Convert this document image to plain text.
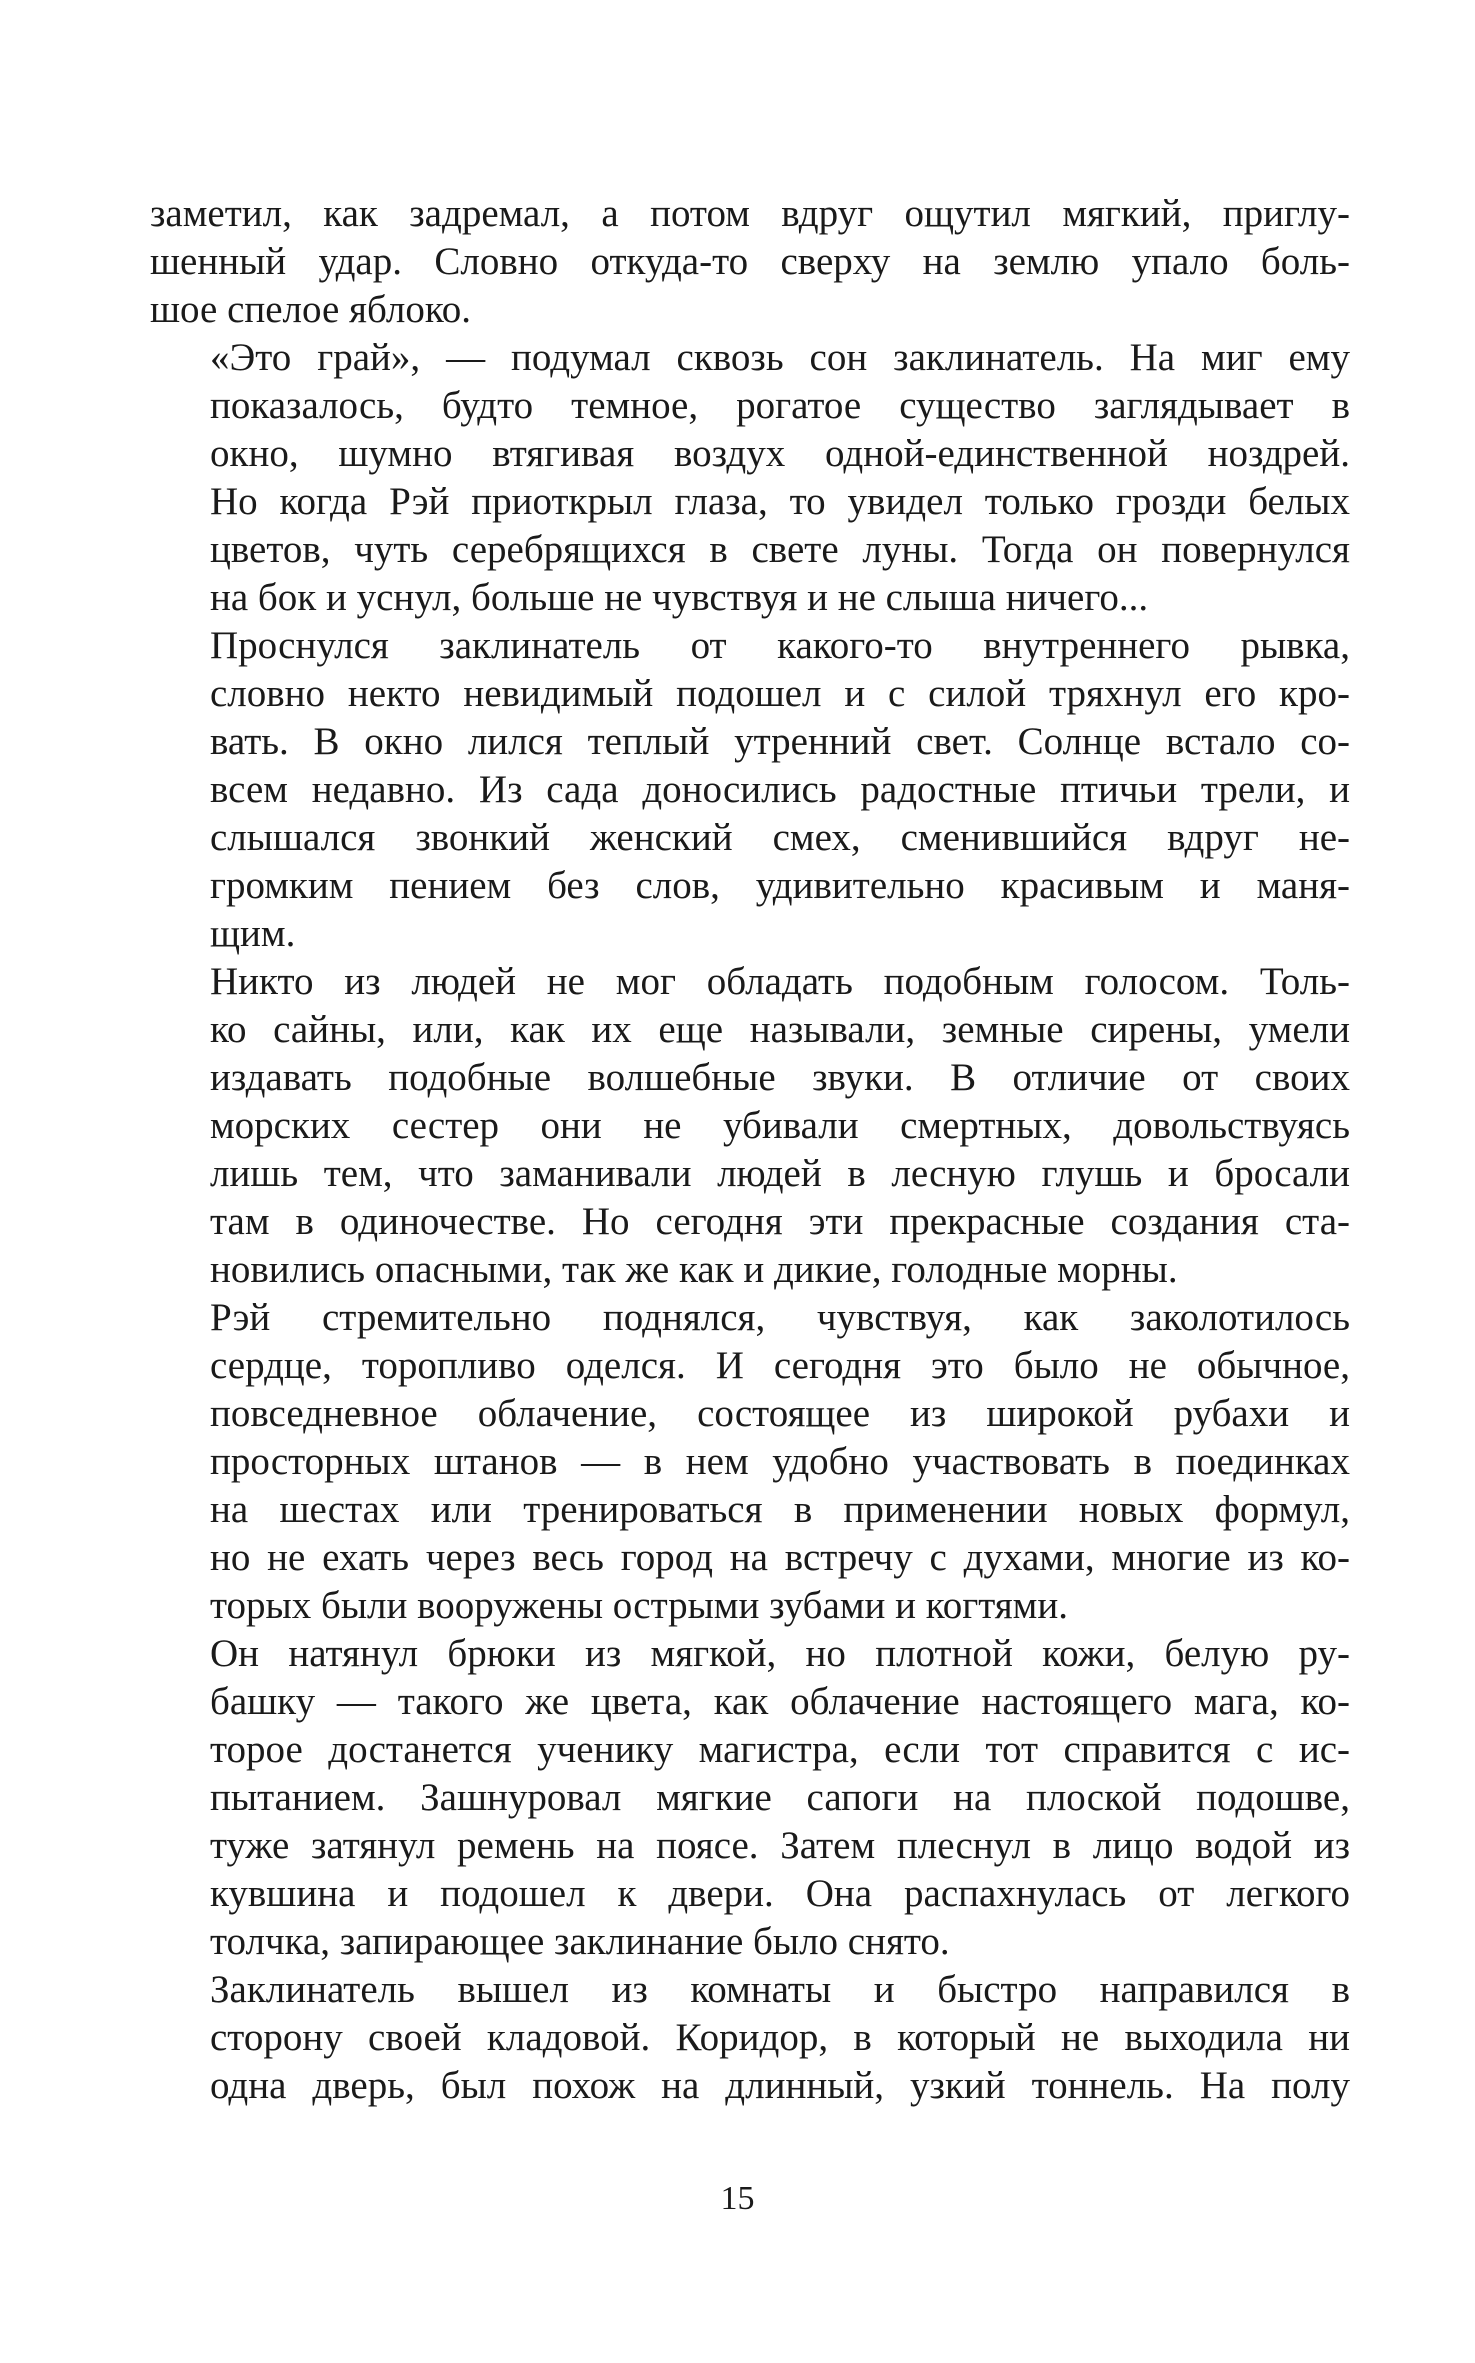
заметил, как задремал, а потом вдруг ощутил мягкий, приглу-
шенный удар. Словно откуда-то сверху на землю упало боль-
шое спелое яблоко.

«Это грай», — подумал сквозь сон заклинатель. На миг ему
показалось, будто темное, рогатое существо заглядывает в
окно, шумно втягивая воздух одной-единственной ноздрей.
Но когда Рэй приоткрыл глаза, то увидел только грозди белых
цветов, чуть серебрящихся в свете луны. Тогда он повернулся
на бок и уснул, больше не чувствуя и не слыша ничего...

Проснулся заклинатель от какого-то внутреннего рывка,
словно некто невидимый подошел и с силой тряхнул его кро-
вать. В окно лился теплый утренний свет. Солнце встало со-
всем недавно. Из сада доносились радостные птичьи трели, и
слышался звонкий женский смех, сменившийся вдруг не-
громким пением без слов, удивительно красивым и маня-
щим.

Никто из людей не мог обладать подобным голосом. Толь-
ко сайны, или, как их еще называли, земные сирены, умели
издавать подобные волшебные звуки. В отличие от своих
морских сестер они не убивали смертных, довольствуясь
лишь тем, что заманивали людей в лесную глушь и бросали
там в одиночестве. Но сегодня эти прекрасные создания ста-
новились опасными, так же как и дикие, голодные морны.

Рэй стремительно поднялся, чувствуя, как заколотилось
сердце, торопливо оделся. И сегодня это было не обычное,
повседневное облачение, состоящее из широкой рубахи и
просторных штанов — в нем удобно участвовать в поединках
на шестах или тренироваться в применении новых формул,
но не ехать через весь город на встречу с духами, многие из ко-
торых были вооружены острыми зубами и когтями.

Он натянул брюки из мягкой, но плотной кожи, белую ру-
башку — такого же цвета, как облачение настоящего мага, ко-
торое достанется ученику магистра, если тот справится с ис-
пытанием. Зашнуровал мягкие сапоги на плоской подошве,
туже затянул ремень на поясе. Затем плеснул в лицо водой из
кувшина и подошел к двери. Она распахнулась от легкого
толчка, запирающее заклинание было снято.

Заклинатель вышел из комнаты и быстро направился в
сторону своей кладовой. Коридор, в который не выходила ни
одна дверь, был похож на длинный, узкий тоннель. На полу

15
